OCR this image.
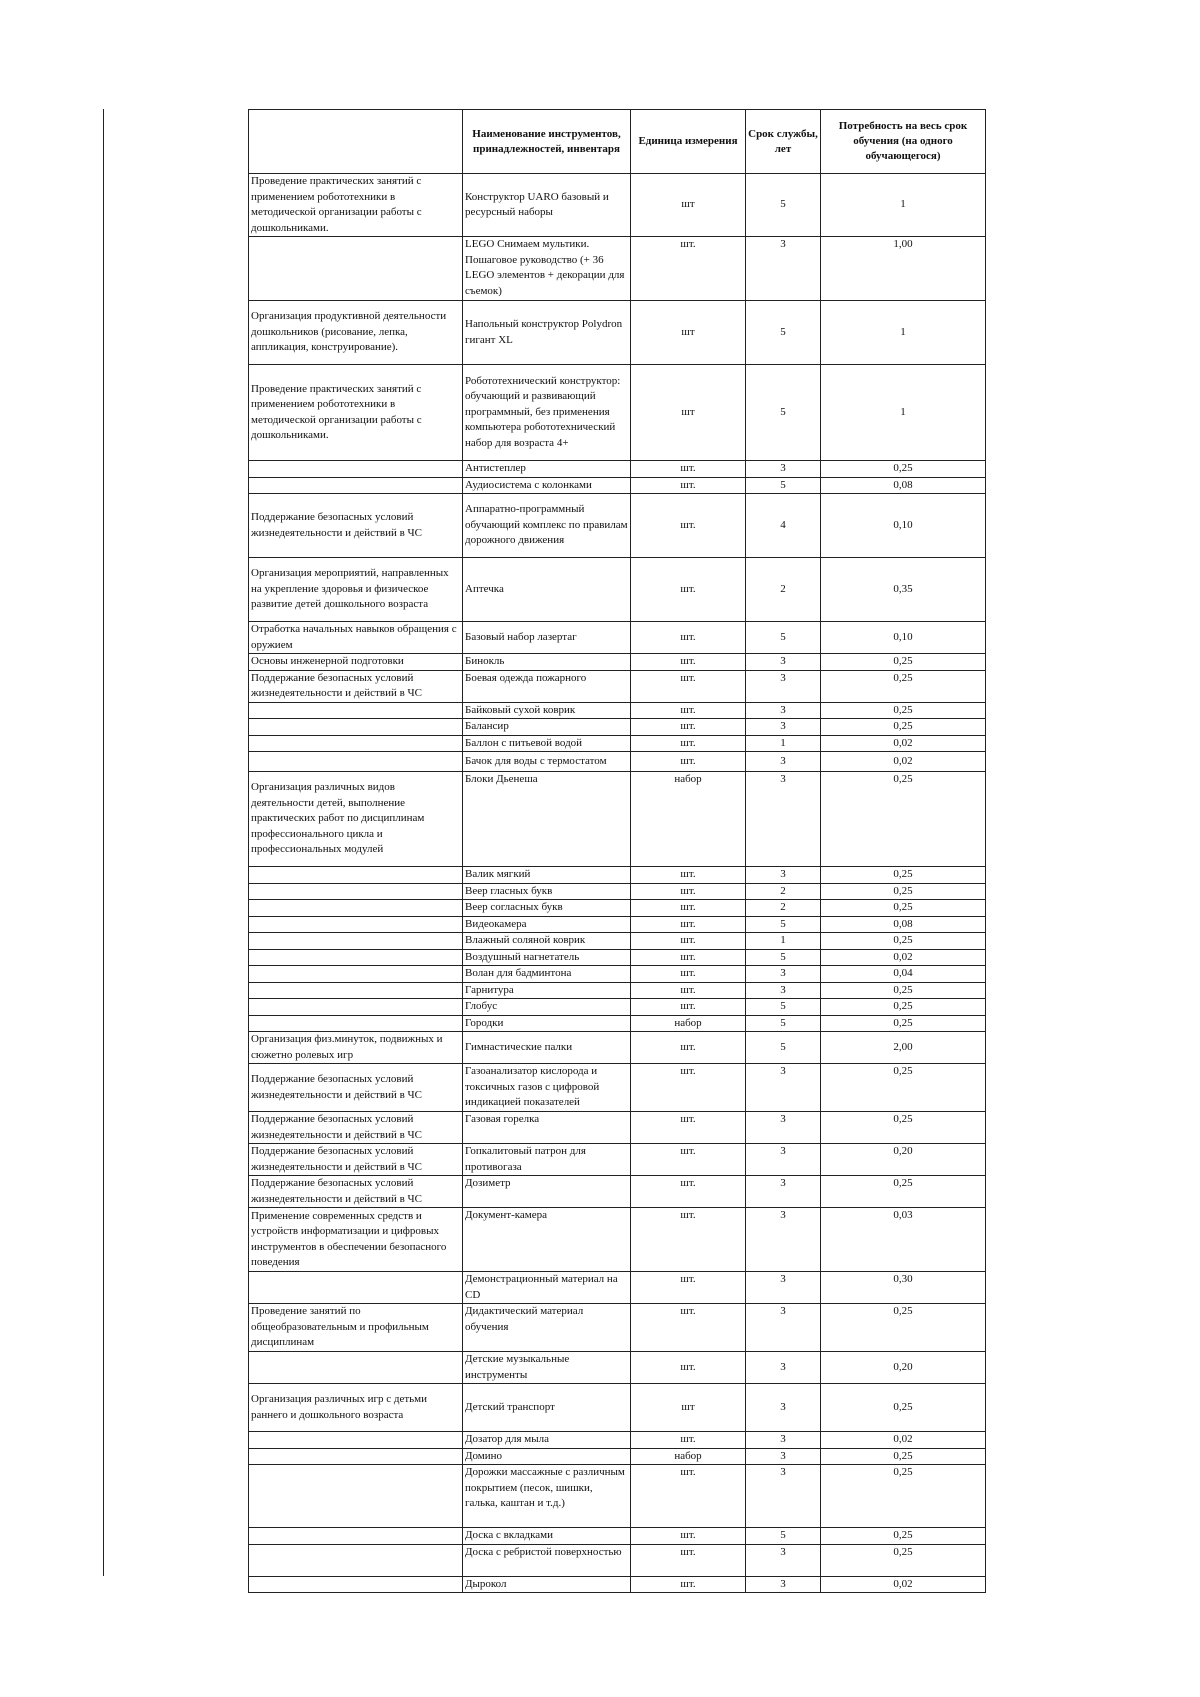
	Наименование инструментов, принадлежностей, инвентаря	Единица измерения	Срок службы, лет	Потребность на весь срок обучения (на одного обучающегося)
Проведение практических занятий с применением робототехники в методической организации работы с дошкольниками.	Конструктор UARO базовый и ресурсный наборы	шт	5	1
	LEGO Снимаем мультики. Пошаговое руководство (+ 36 LEGO элементов + декорации для съемок)	шт.	3	1,00
Организация продуктивной деятельности дошкольников (рисование, лепка, аппликация, конструирование).	Напольный конструктор Polydron гигант XL	шт	5	1
Проведение практических занятий с применением робототехники в методической организации работы с дошкольниками.	Робототехнический конструктор: обучающий и развивающий программный, без применения компьютера робототехнический набор для возраста 4+	шт	5	1
	Антистеплер	шт.	3	0,25
	Аудиосистема с колонками	шт.	5	0,08
Поддержание безопасных условий жизнедеятельности и действий в ЧС	Аппаратно-программный обучающий комплекс по правилам дорожного движения	шт.	4	0,10
Организация мероприятий, направленных на укрепление здоровья и физическое развитие детей дошкольного возраста	Аптечка	шт.	2	0,35
Отработка начальных навыков обращения с оружием	Базовый набор лазертаг	шт.	5	0,10
Основы инженерной подготовки	Бинокль	шт.	3	0,25
Поддержание безопасных условий жизнедеятельности и действий в ЧС	Боевая одежда пожарного	шт.	3	0,25
	Байковый сухой коврик	шт.	3	0,25
	Балансир	шт.	3	0,25
	Баллон с питьевой водой	шт.	1	0,02
	Бачок для воды с термостатом	шт.	3	0,02
Организация различных видов деятельности детей, выполнение практических работ по дисциплинам профессионального цикла и профессиональных модулей	Блоки Дьенеша	набор	3	0,25
	Валик мягкий	шт.	3	0,25
	Веер гласных букв	шт.	2	0,25
	Веер согласных букв	шт.	2	0,25
	Видеокамера	шт.	5	0,08
	Влажный соляной коврик	шт.	1	0,25
	Воздушный нагнетатель	шт.	5	0,02
	Волан для бадминтона	шт.	3	0,04
	Гарнитура	шт.	3	0,25
	Глобус	шт.	5	0,25
	Городки	набор	5	0,25
Организация физ.минуток, подвижных и сюжетно ролевых игр	Гимнастические палки	шт.	5	2,00
Поддержание безопасных условий жизнедеятельности и действий в ЧС	Газоанализатор кислорода и токсичных газов с цифровой индикацией показателей	шт.	3	0,25
Поддержание безопасных условий жизнедеятельности и действий в ЧС	Газовая горелка	шт.	3	0,25
Поддержание безопасных условий жизнедеятельности и действий в ЧС	Гопкалитовый патрон для противогаза	шт.	3	0,20
Поддержание безопасных условий жизнедеятельности и действий в ЧС	Дозиметр	шт.	3	0,25
Применение современных средств и устройств информатизации и цифровых инструментов в обеспечении безопасного поведения	Документ-камера	шт.	3	0,03
	Демонстрационный материал на CD	шт.	3	0,30
Проведение занятий по общеобразовательным и профильным дисциплинам	Дидактический материал обучения	шт.	3	0,25
	Детские музыкальные инструменты	шт.	3	0,20
Организация различных игр с детьми раннего и дошкольного возраста	Детский транспорт	шт	3	0,25
	Дозатор для мыла	шт.	3	0,02
	Домино	набор	3	0,25
	Дорожки массажные с различным покрытием (песок, шишки, галька, каштан и т.д.)	шт.	3	0,25
	Доска с вкладками	шт.	5	0,25
	Доска с ребристой поверхностью	шт.	3	0,25
	Дырокол	шт.	3	0,02
